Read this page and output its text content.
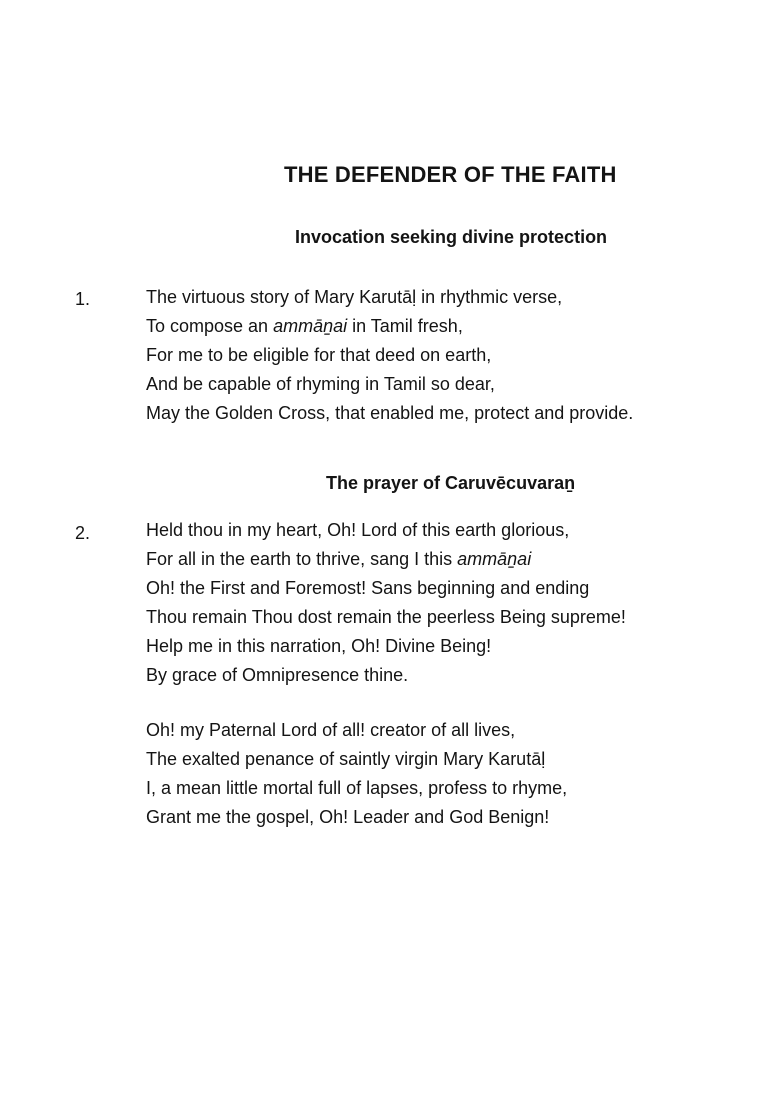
THE DEFENDER OF THE FAITH
Invocation seeking divine protection
1.	The virtuous story of Mary Karutāḷ in rhythmic verse,
To compose an ammāṉai in Tamil fresh,
For me to be eligible for that deed on earth,
And be capable of rhyming in Tamil so dear,
May the Golden Cross, that enabled me, protect and provide.
The prayer of Caruvēcuvaraṉ
2.	Held thou in my heart, Oh! Lord of this earth glorious,
For all in the earth to thrive, sang I this ammāṉai
Oh! the First and Foremost! Sans beginning and ending
Thou remain Thou dost remain the peerless Being supreme!
Help me in this narration, Oh! Divine Being!
By grace of Omnipresence thine.
Oh! my Paternal Lord of all! creator of all lives,
The exalted penance of saintly virgin Mary Karutāḷ
I, a mean little mortal full of lapses, profess to rhyme,
Grant me the gospel, Oh! Leader and God Benign!
